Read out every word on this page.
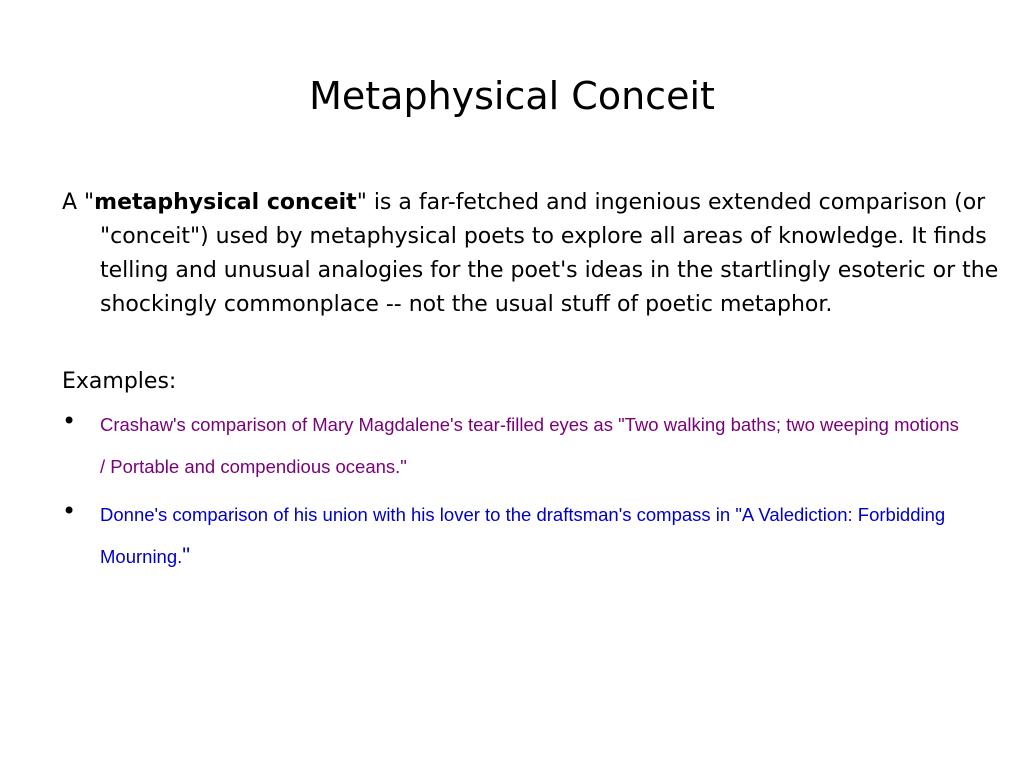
Metaphysical Conceit

A "metaphysical conceit" is a far-fetched and ingenious extended comparison (or "conceit") used by metaphysical poets to explore all areas of knowledge. It finds telling and unusual analogies for the poet's ideas in the startlingly esoteric or the shockingly commonplace -- not the usual stuff of poetic metaphor.

Examples:

• Crashaw's comparison of Mary Magdalene's tear-filled eyes as "Two walking baths; two weeping motions / Portable and compendious oceans."
• Donne's comparison of his union with his lover to the draftsman's compass in "A Valediction: Forbidding Mourning."
